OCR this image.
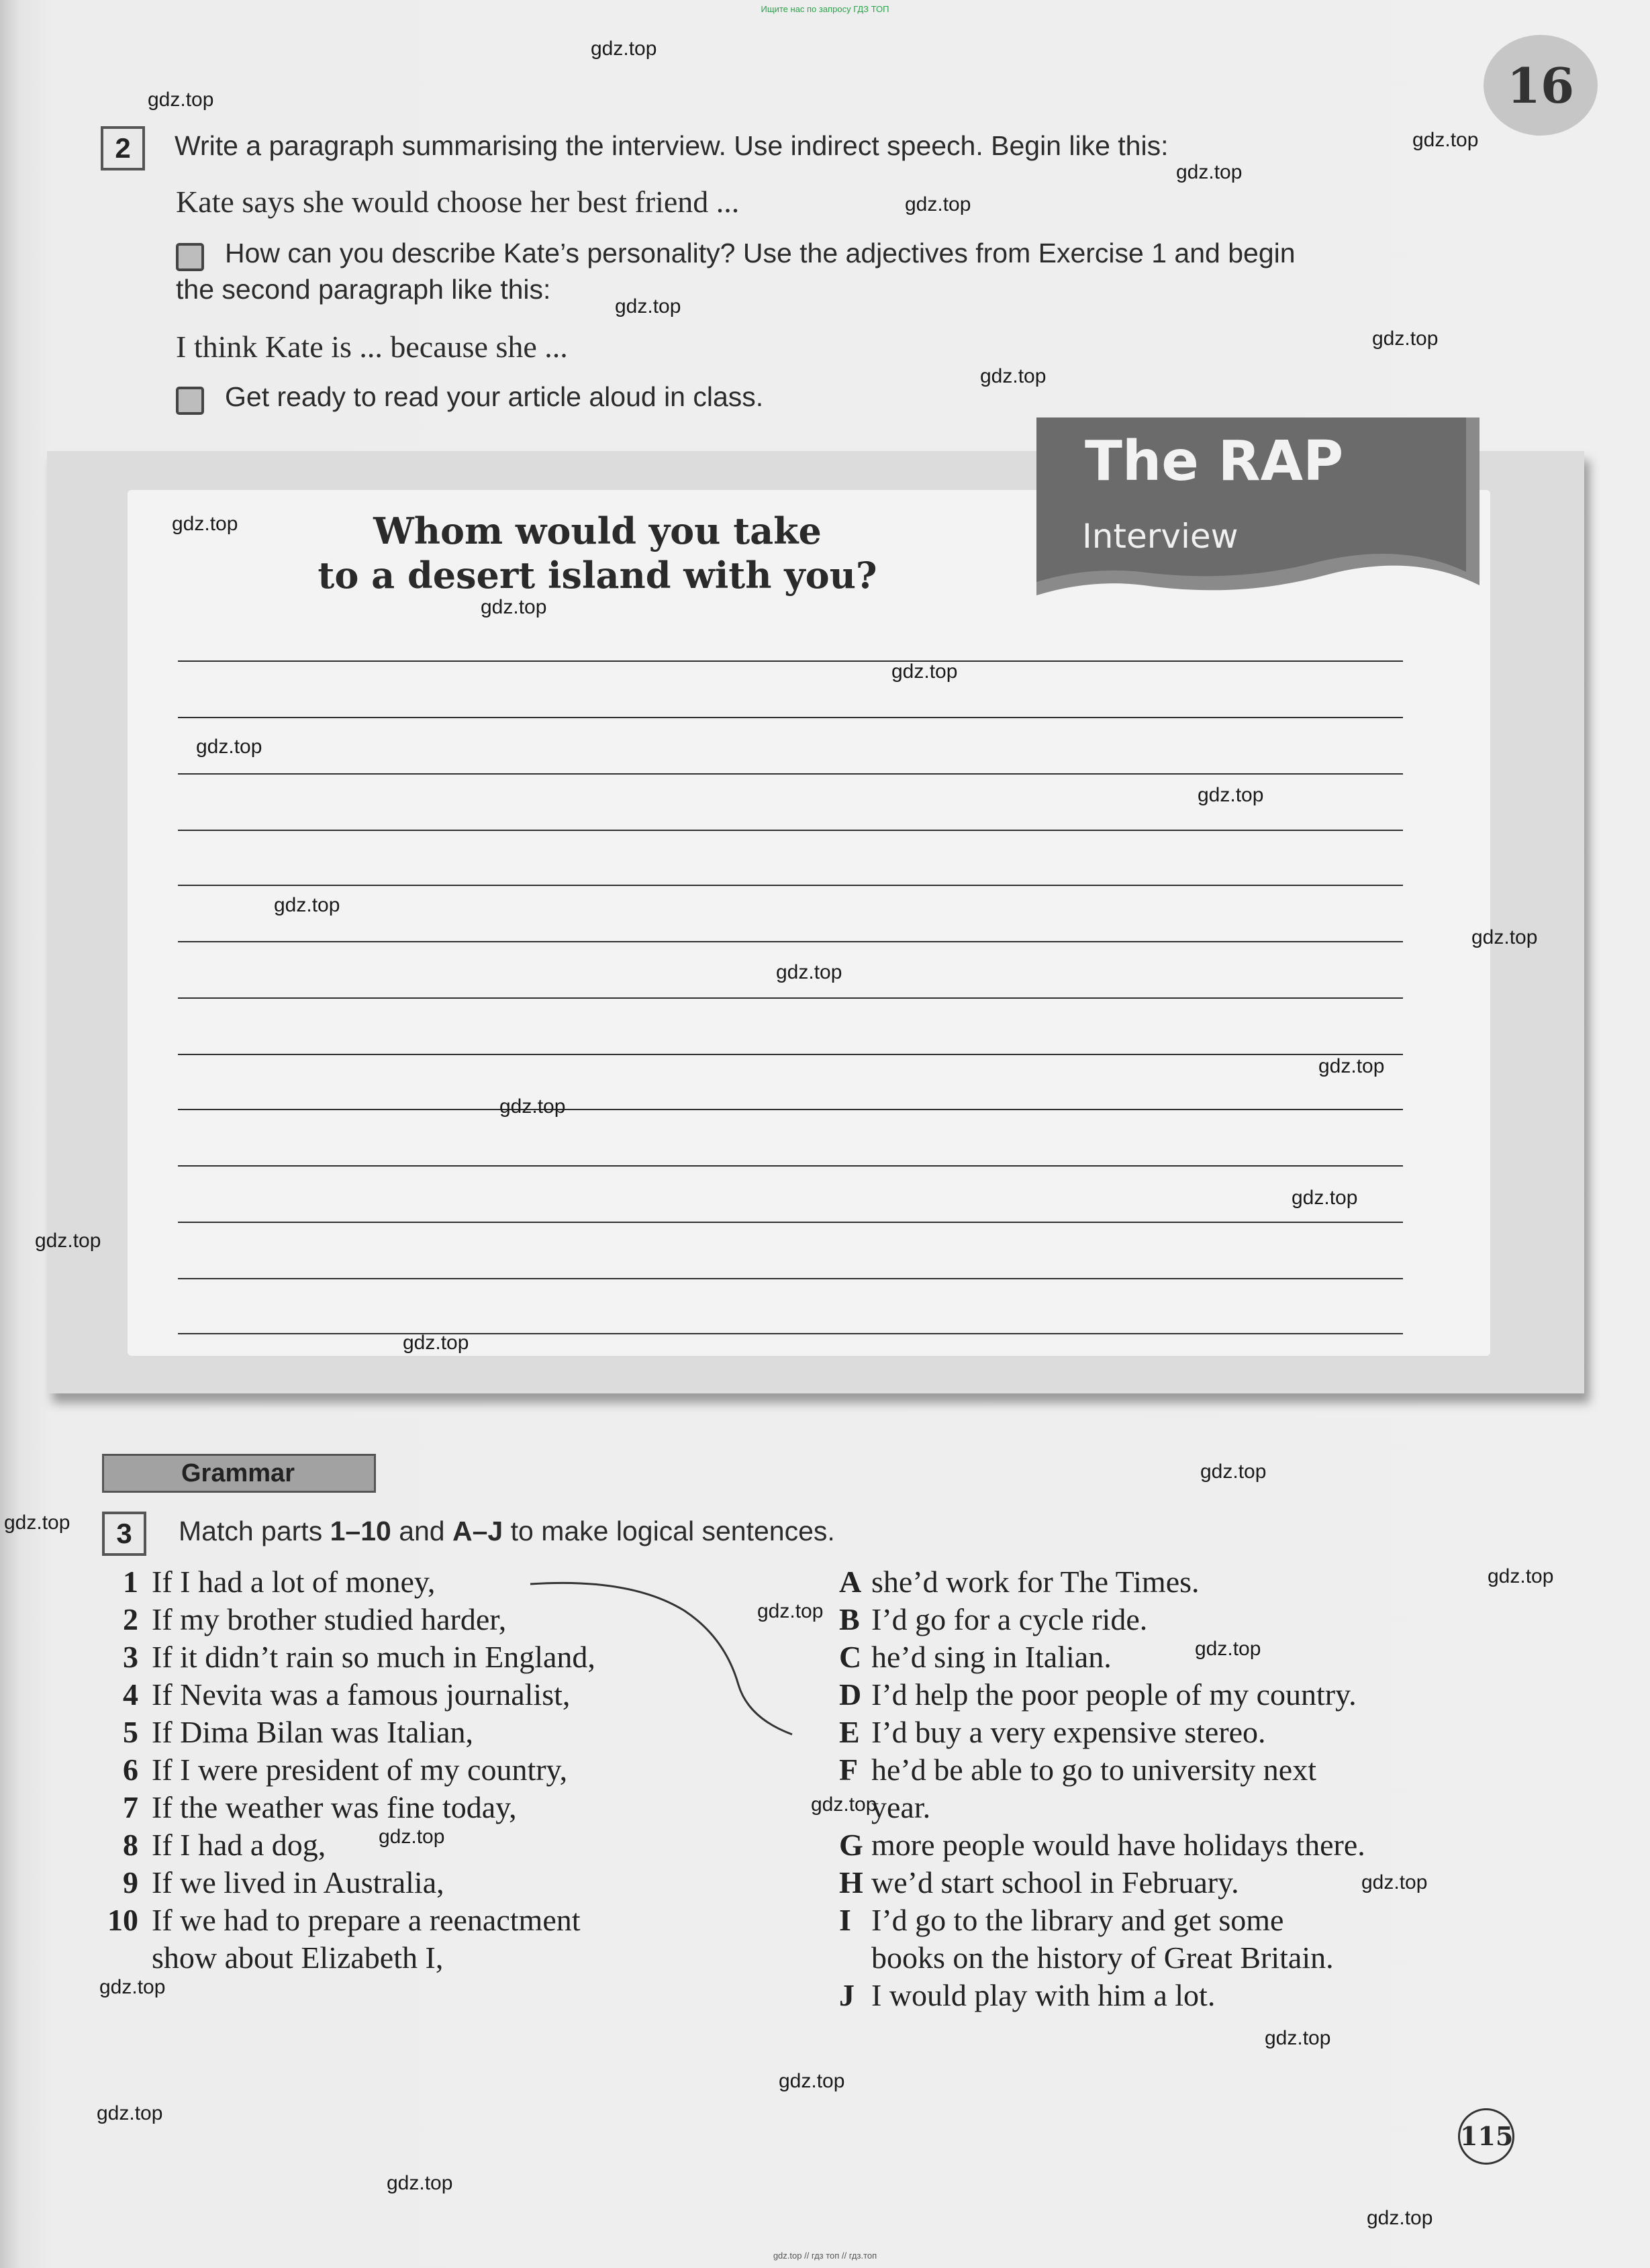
Ищите нас по запросу ГДЗ ТОП
16
2	Write a paragraph summarising the interview. Use indirect speech. Begin like this:
Kate says she would choose her best friend ...
How can you describe Kate’s personality? Use the adjectives from Exercise 1 and begin
the second paragraph like this:
I think Kate is ... because she ...
Get ready to read your article aloud in class.
Whom would you take
to a desert island with you?
The RAP
Interview
Grammar
3	Match parts 1–10 and A–J to make logical sentences.
1 If I had a lot of money,
2 If my brother studied harder,
3 If it didn’t rain so much in England,
4 If Nevita was a famous journalist,
5 If Dima Bilan was Italian,
6 If I were president of my country,
7 If the weather was fine today,
8 If I had a dog,
9 If we lived in Australia,
10 If we had to prepare a reenactment
show about Elizabeth I,
A she’d work for The Times.
B I’d go for a cycle ride.
C he’d sing in Italian.
D I’d help the poor people of my country.
E I’d buy a very expensive stereo.
F he’d be able to go to university next
year.
G more people would have holidays there.
H we’d start school in February.
I I’d go to the library and get some
books on the history of Great Britain.
J I would play with him a lot.
115
gdz.top // гдз топ // гдз.топ
gdz.top
gdz.top
gdz.top
gdz.top
gdz.top
gdz.top
gdz.top
gdz.top
gdz.top
gdz.top
gdz.top
gdz.top
gdz.top
gdz.top
gdz.top
gdz.top
gdz.top
gdz.top
gdz.top
gdz.top
gdz.top
gdz.top
gdz.top
gdz.top
gdz.top
gdz.top
gdz.top
gdz.top
gdz.top
gdz.top
gdz.top
gdz.top
gdz.top
gdz.top
gdz.top
